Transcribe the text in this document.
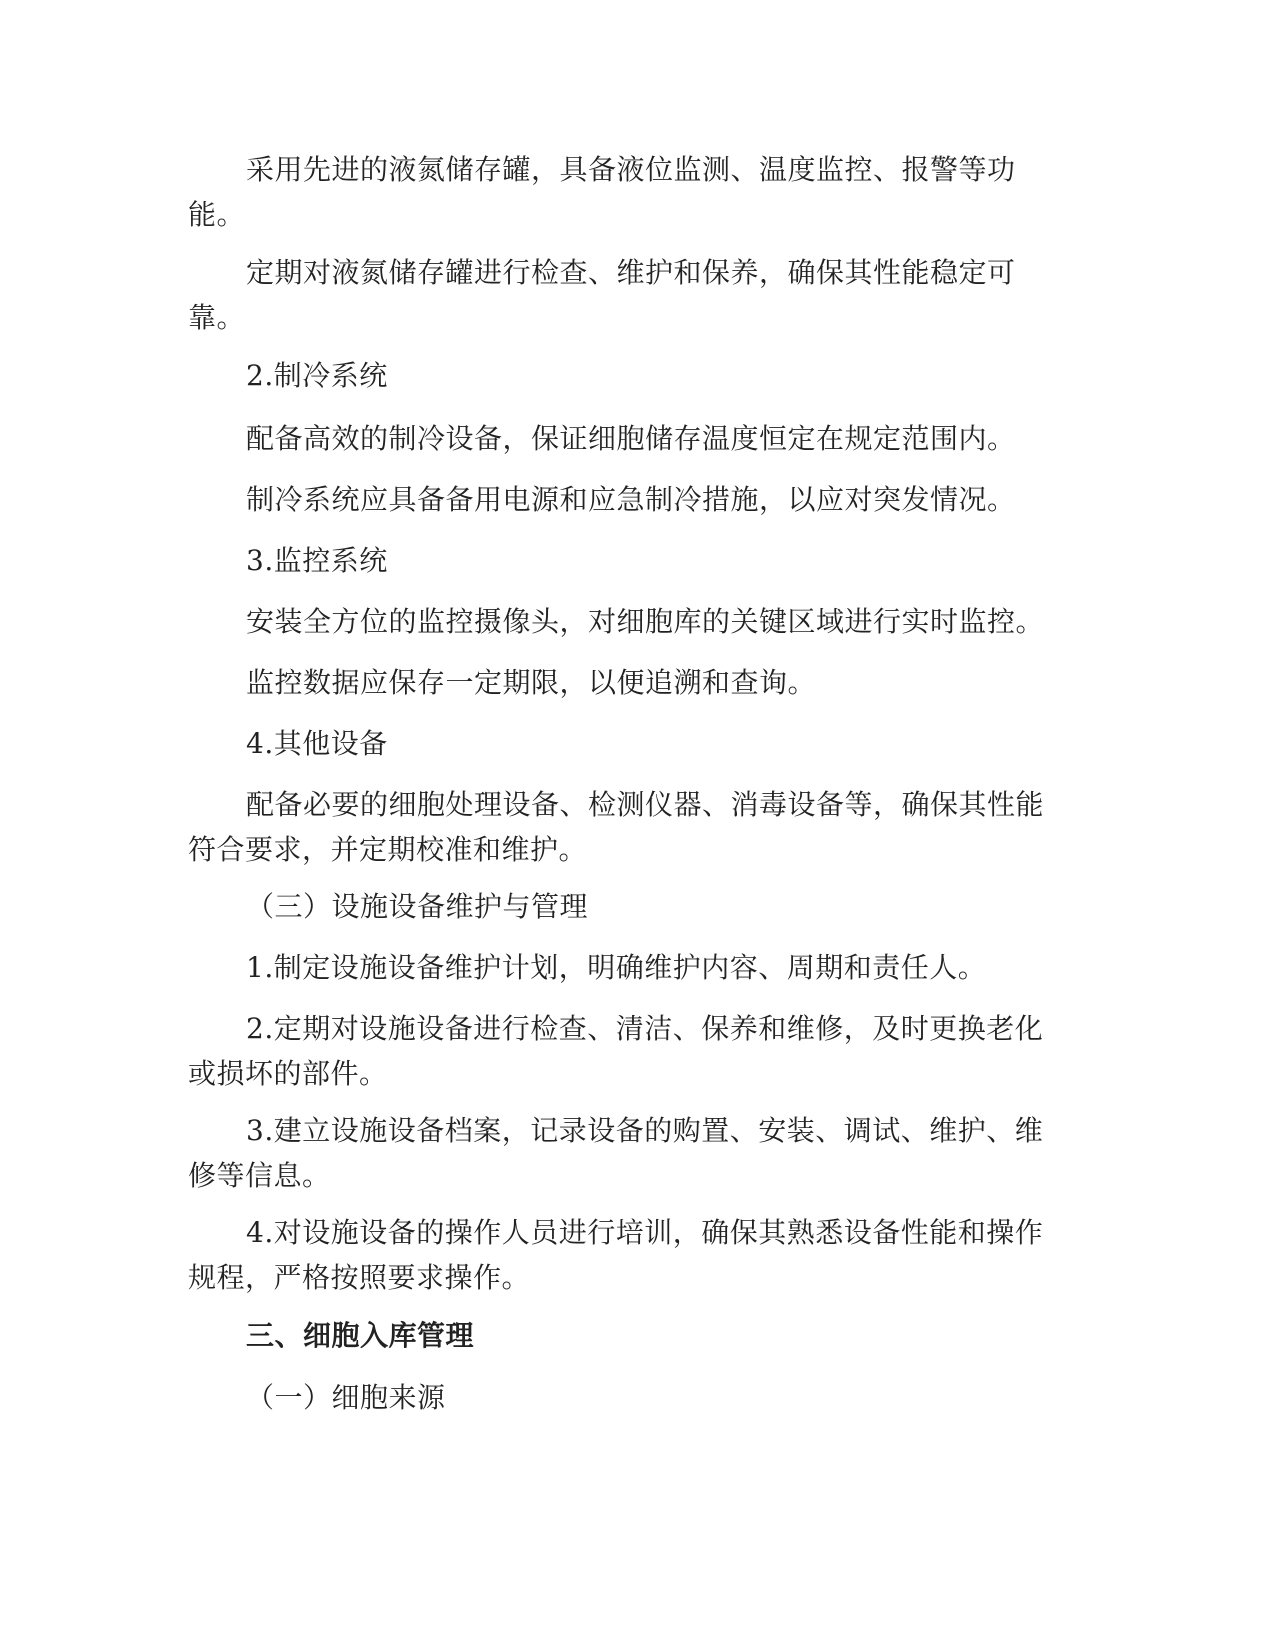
采用先进的液氮储存罐，具备液位监测、温度监控、报警等功能。

定期对液氮储存罐进行检查、维护和保养，确保其性能稳定可靠。

2.制冷系统

配备高效的制冷设备，保证细胞储存温度恒定在规定范围内。

制冷系统应具备备用电源和应急制冷措施，以应对突发情况。

3.监控系统

安装全方位的监控摄像头，对细胞库的关键区域进行实时监控。

监控数据应保存一定期限，以便追溯和查询。

4.其他设备

配备必要的细胞处理设备、检测仪器、消毒设备等，确保其性能符合要求，并定期校准和维护。

（三）设施设备维护与管理

1.制定设施设备维护计划，明确维护内容、周期和责任人。

2.定期对设施设备进行检查、清洁、保养和维修，及时更换老化或损坏的部件。

3.建立设施设备档案，记录设备的购置、安装、调试、维护、维修等信息。

4.对设施设备的操作人员进行培训，确保其熟悉设备性能和操作规程，严格按照要求操作。

三、细胞入库管理

（一）细胞来源
